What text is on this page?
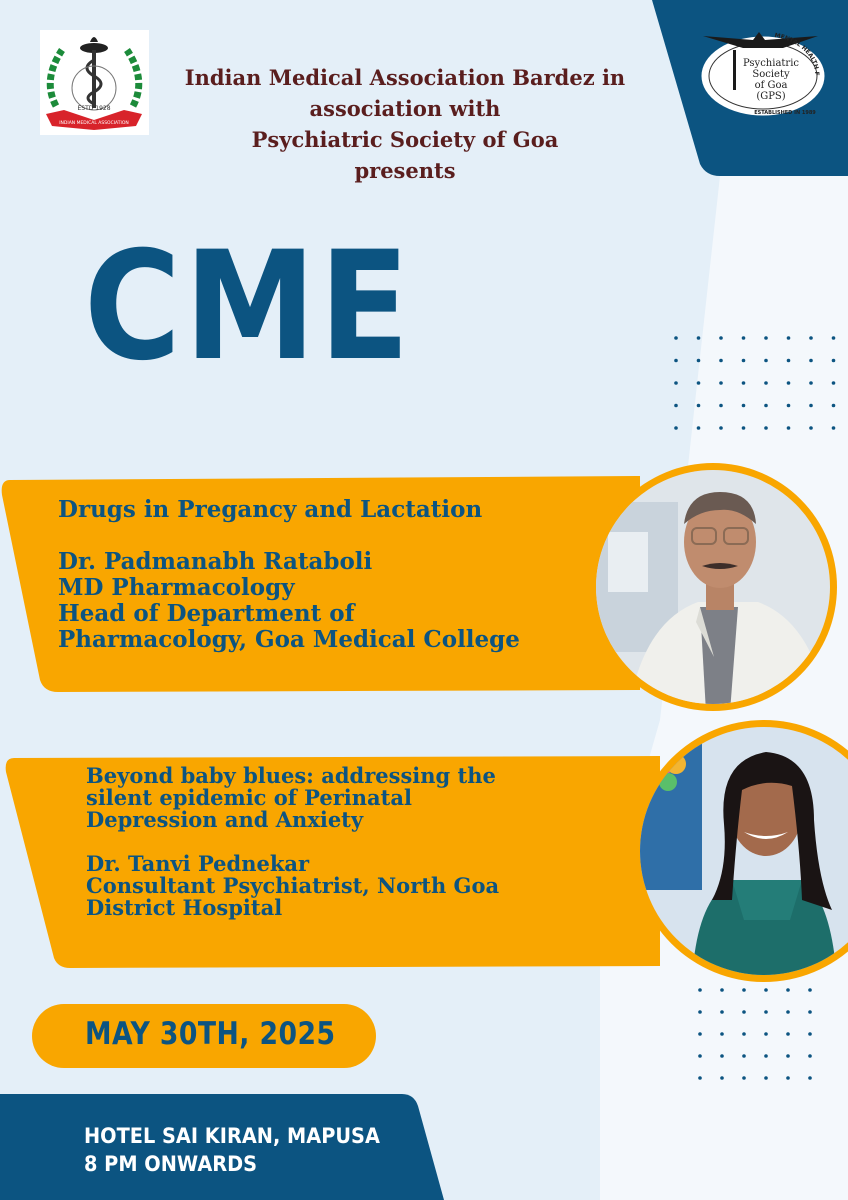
ESTD 1928
INDIAN MEDICAL ASSOCIATION
MENTAL HEALTH F
Psychiatric
Society
of Goa
(GPS)
ESTABLISHED IN 1989
Indian Medical Association Bardez in
association with
Psychiatric Society of Goa
presents
CME
Drugs in Pregancy and Lactation
Dr. Padmanabh Rataboli
MD Pharmacology
Head of Department of
Pharmacology, Goa Medical College
Beyond baby blues: addressing the
silent epidemic of Perinatal
Depression and Anxiety
Dr. Tanvi Pednekar
Consultant Psychiatrist, North Goa
District Hospital
MAY 30TH, 2025
HOTEL SAI KIRAN, MAPUSA
8 PM ONWARDS
